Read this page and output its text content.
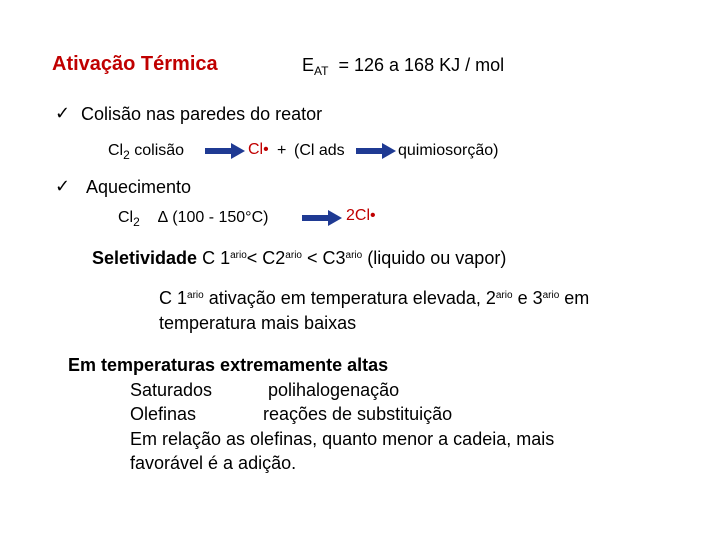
Ativação Térmica	$E_{AT} = 126$ a 168 KJ / mol
✓ Colisão nas paredes do reator
$Cl_2$ colisão	Cl• + (Cl ads	quimiosorção)
✓ Aquecimento
$Cl_2$ ∆ (100 - 150°C)	2Cl•
Seletividade C $1^{ario}< C2^{ario} < C3^{ario}$ (liquido ou vapor)
C $1^{ario}$ ativação em temperatura elevada, $2^{ario}$ e $3^{ario}$ em
temperatura mais baixas
Em temperaturas extremamente altas
Saturados	polihalogenação
Olefinas	reações de substituição
Em relação as olefinas, quanto menor a cadeia, mais
favorável é a adição.
